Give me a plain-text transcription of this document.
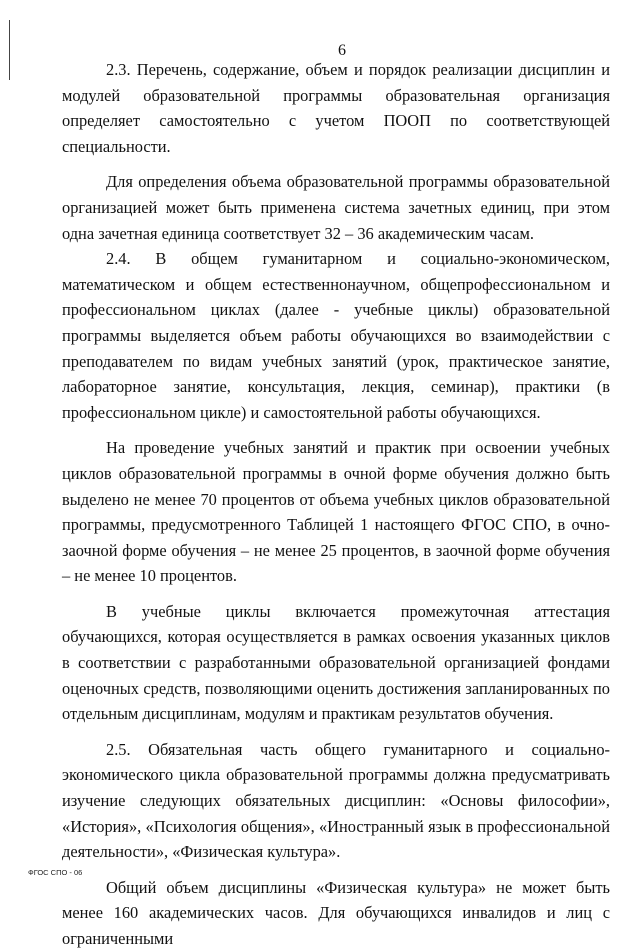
6

2.3. Перечень, содержание, объем и порядок реализации дисциплин и модулей образовательной программы образовательная организация определяет самостоятельно с учетом ПООП по соответствующей специальности.

Для определения объема образовательной программы образовательной организацией может быть применена система зачетных единиц, при этом одна зачетная единица соответствует 32 – 36 академическим часам.

2.4. В общем гуманитарном и социально-экономическом, математическом и общем естественнонаучном, общепрофессиональном и профессиональном циклах (далее - учебные циклы) образовательной программы выделяется объем работы обучающихся во взаимодействии с преподавателем по видам учебных занятий (урок, практическое занятие, лабораторное занятие, консультация, лекция, семинар), практики (в профессиональном цикле) и самостоятельной работы обучающихся.

На проведение учебных занятий и практик при освоении учебных циклов образовательной программы в очной форме обучения должно быть выделено не менее 70 процентов от объема учебных циклов образовательной программы, предусмотренного Таблицей 1 настоящего ФГОС СПО, в очно-заочной форме обучения – не менее 25 процентов, в заочной форме обучения – не менее 10 процентов.

В учебные циклы включается промежуточная аттестация обучающихся, которая осуществляется в рамках освоения указанных циклов в соответствии с разработанными образовательной организацией фондами оценочных средств, позволяющими оценить достижения запланированных по отдельным дисциплинам, модулям и практикам результатов обучения.

2.5. Обязательная часть общего гуманитарного и социально-экономического цикла образовательной программы должна предусматривать изучение следующих обязательных дисциплин: «Основы философии», «История», «Психология общения», «Иностранный язык в профессиональной деятельности», «Физическая культура».

Общий объем дисциплины «Физическая культура» не может быть менее 160 академических часов. Для обучающихся инвалидов и лиц с ограниченными

ФГОС СПО - 06
